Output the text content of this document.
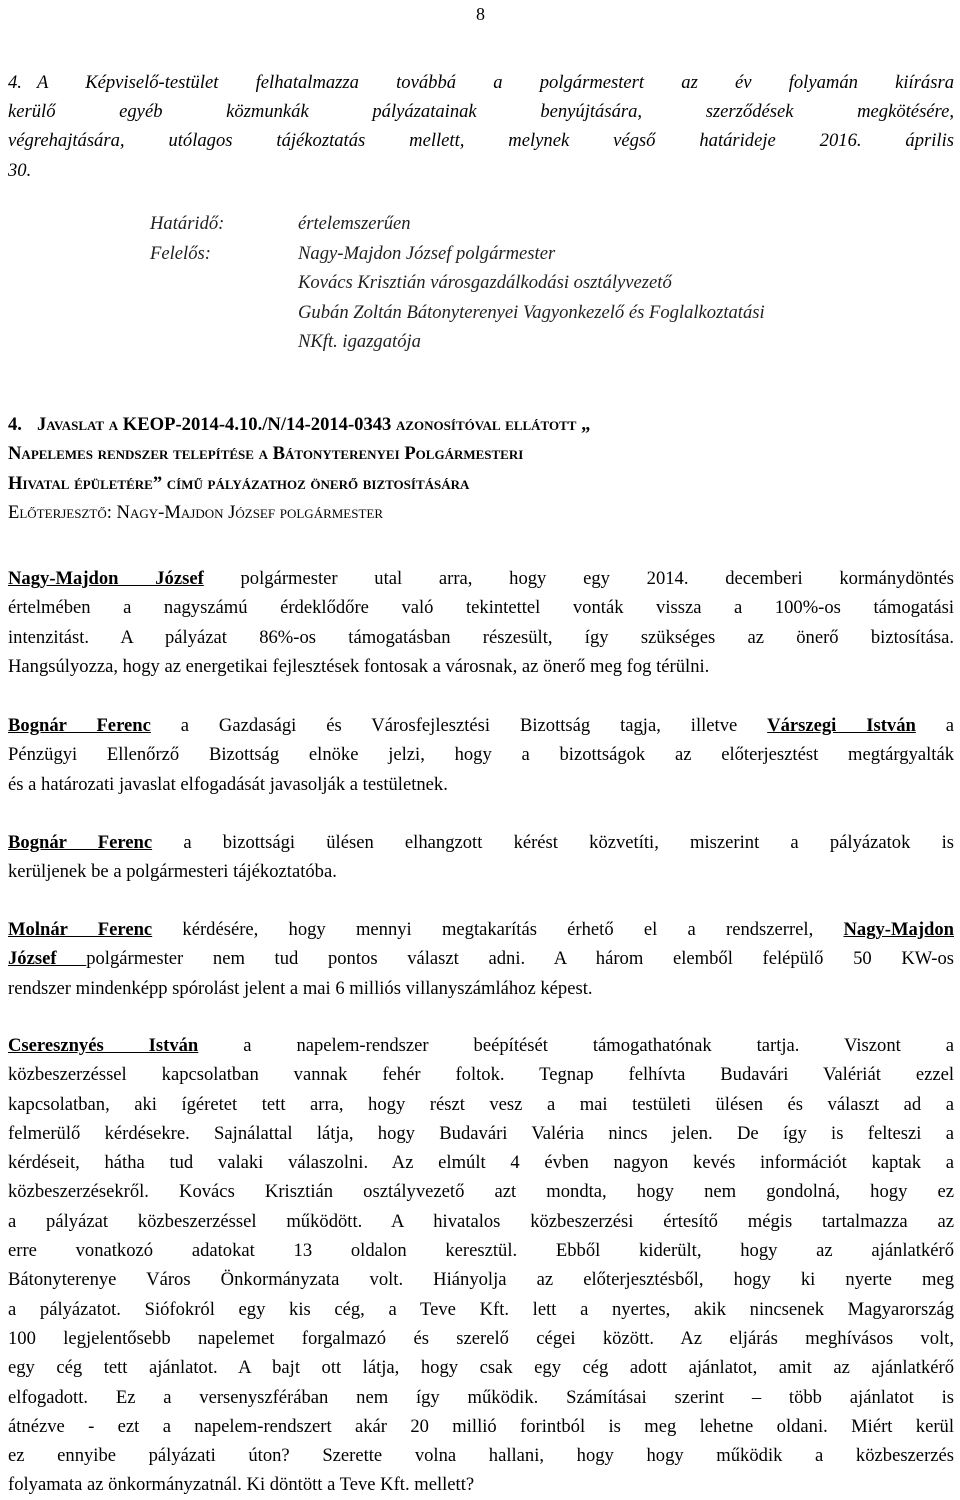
8
4. A Képviselő-testület felhatalmazza továbbá a polgármestert az év folyamán kiírásra
kerülő egyéb közmunkák pályázatainak benyújtására, szerződések megkötésére,
végrehajtására, utólagos tájékoztatás mellett, melynek végső határideje 2016. április
30.
Határidő:	értelemszerűen
Felelős:	Nagy-Majdon József polgármester
Kovács Krisztián városgazdálkodási osztályvezető
Gubán Zoltán Bátonyterenyei Vagyonkezelő és Foglalkoztatási
NKft. igazgatója
4. Javaslat a KEOP-2014-4.10./N/14-2014-0343 azonosítóval ellátott „
Napelemes rendszer telepítése a Bátonyterenyei Polgármesteri
Hivatal épületére” című pályázathoz önerő biztosítására
Előterjesztő: Nagy-Majdon József polgármester
Nagy-Majdon József polgármester utal arra, hogy egy 2014. decemberi kormánydöntés
értelmében a nagyszámú érdeklődőre való tekintettel vonták vissza a 100%-os támogatási
intenzitást. A pályázat 86%-os támogatásban részesült, így szükséges az önerő biztosítása.
Hangsúlyozza, hogy az energetikai fejlesztések fontosak a városnak, az önerő meg fog térülni.
Bognár Ferenc a Gazdasági és Városfejlesztési Bizottság tagja, illetve Várszegi István a
Pénzügyi Ellenőrző Bizottság elnöke jelzi, hogy a bizottságok az előterjesztést megtárgyalták
és a határozati javaslat elfogadását javasolják a testületnek.
Bognár Ferenc a bizottsági ülésen elhangzott kérést közvetíti, miszerint a pályázatok is
kerüljenek be a polgármesteri tájékoztatóba.
Molnár Ferenc kérdésére, hogy mennyi megtakarítás érhető el a rendszerrel, Nagy-Majdon
József polgármester nem tud pontos választ adni. A három elemből felépülő 50 KW-os
rendszer mindenképp spórolást jelent a mai 6 milliós villanyszámlához képest.
Cseresznyés István a napelem-rendszer beépítését támogathatónak tartja. Viszont a
közbeszerzéssel kapcsolatban vannak fehér foltok. Tegnap felhívta Budavári Valériát ezzel
kapcsolatban, aki ígéretet tett arra, hogy részt vesz a mai testületi ülésen és választ ad a
felmerülő kérdésekre. Sajnálattal látja, hogy Budavári Valéria nincs jelen. De így is felteszi a
kérdéseit, hátha tud valaki válaszolni. Az elmúlt 4 évben nagyon kevés információt kaptak a
közbeszerzésekről. Kovács Krisztián osztályvezető azt mondta, hogy nem gondolná, hogy ez
a pályázat közbeszerzéssel működött. A hivatalos közbeszerzési értesítő mégis tartalmazza az
erre vonatkozó adatokat 13 oldalon keresztül. Ebből kiderült, hogy az ajánlatkérő
Bátonyterenye Város Önkormányzata volt. Hiányolja az előterjesztésből, hogy ki nyerte meg
a pályázatot. Siófokról egy kis cég, a Teve Kft. lett a nyertes, akik nincsenek Magyarország
100 legjelentősebb napelemet forgalmazó és szerelő cégei között. Az eljárás meghívásos volt,
egy cég tett ajánlatot. A bajt ott látja, hogy csak egy cég adott ajánlatot, amit az ajánlatkérő
elfogadott. Ez a versenyszférában nem így működik. Számításai szerint – több ajánlatot is
átnézve - ezt a napelem-rendszert akár 20 millió forintból is meg lehetne oldani. Miért kerül
ez ennyibe pályázati úton? Szerette volna hallani, hogy hogy működik a közbeszerzés
folyamata az önkormányzatnál. Ki döntött a Teve Kft. mellett?
